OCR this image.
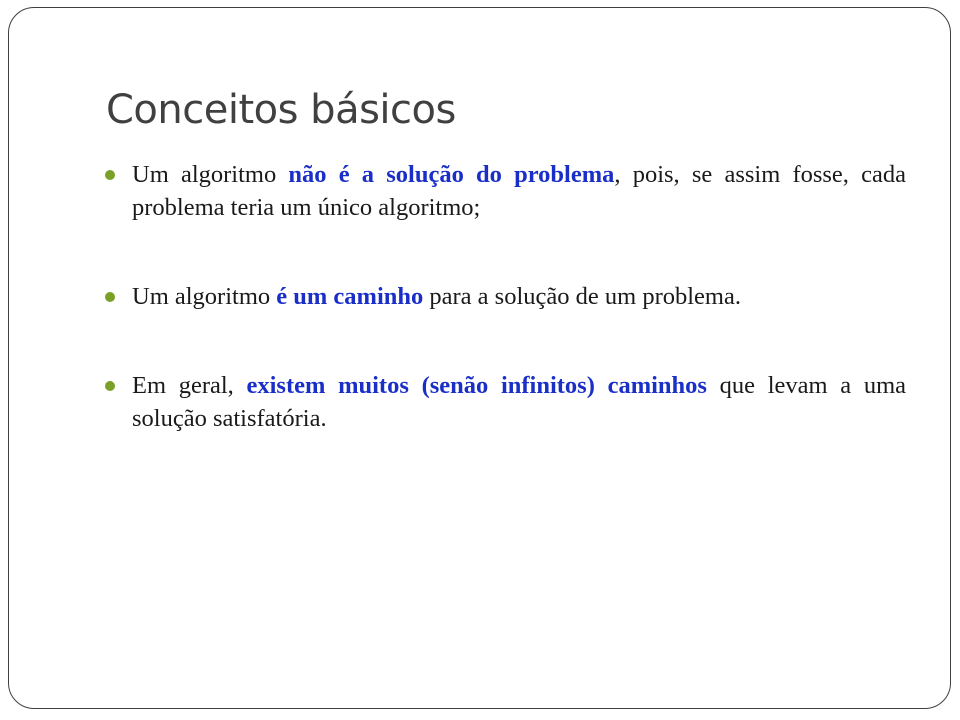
Conceitos básicos
Um algoritmo não é a solução do problema, pois, se assim fosse, cada problema teria um único algoritmo;
Um algoritmo é um caminho para a solução de um problema.
Em geral, existem muitos (senão infinitos) caminhos que levam a uma solução satisfatória.
